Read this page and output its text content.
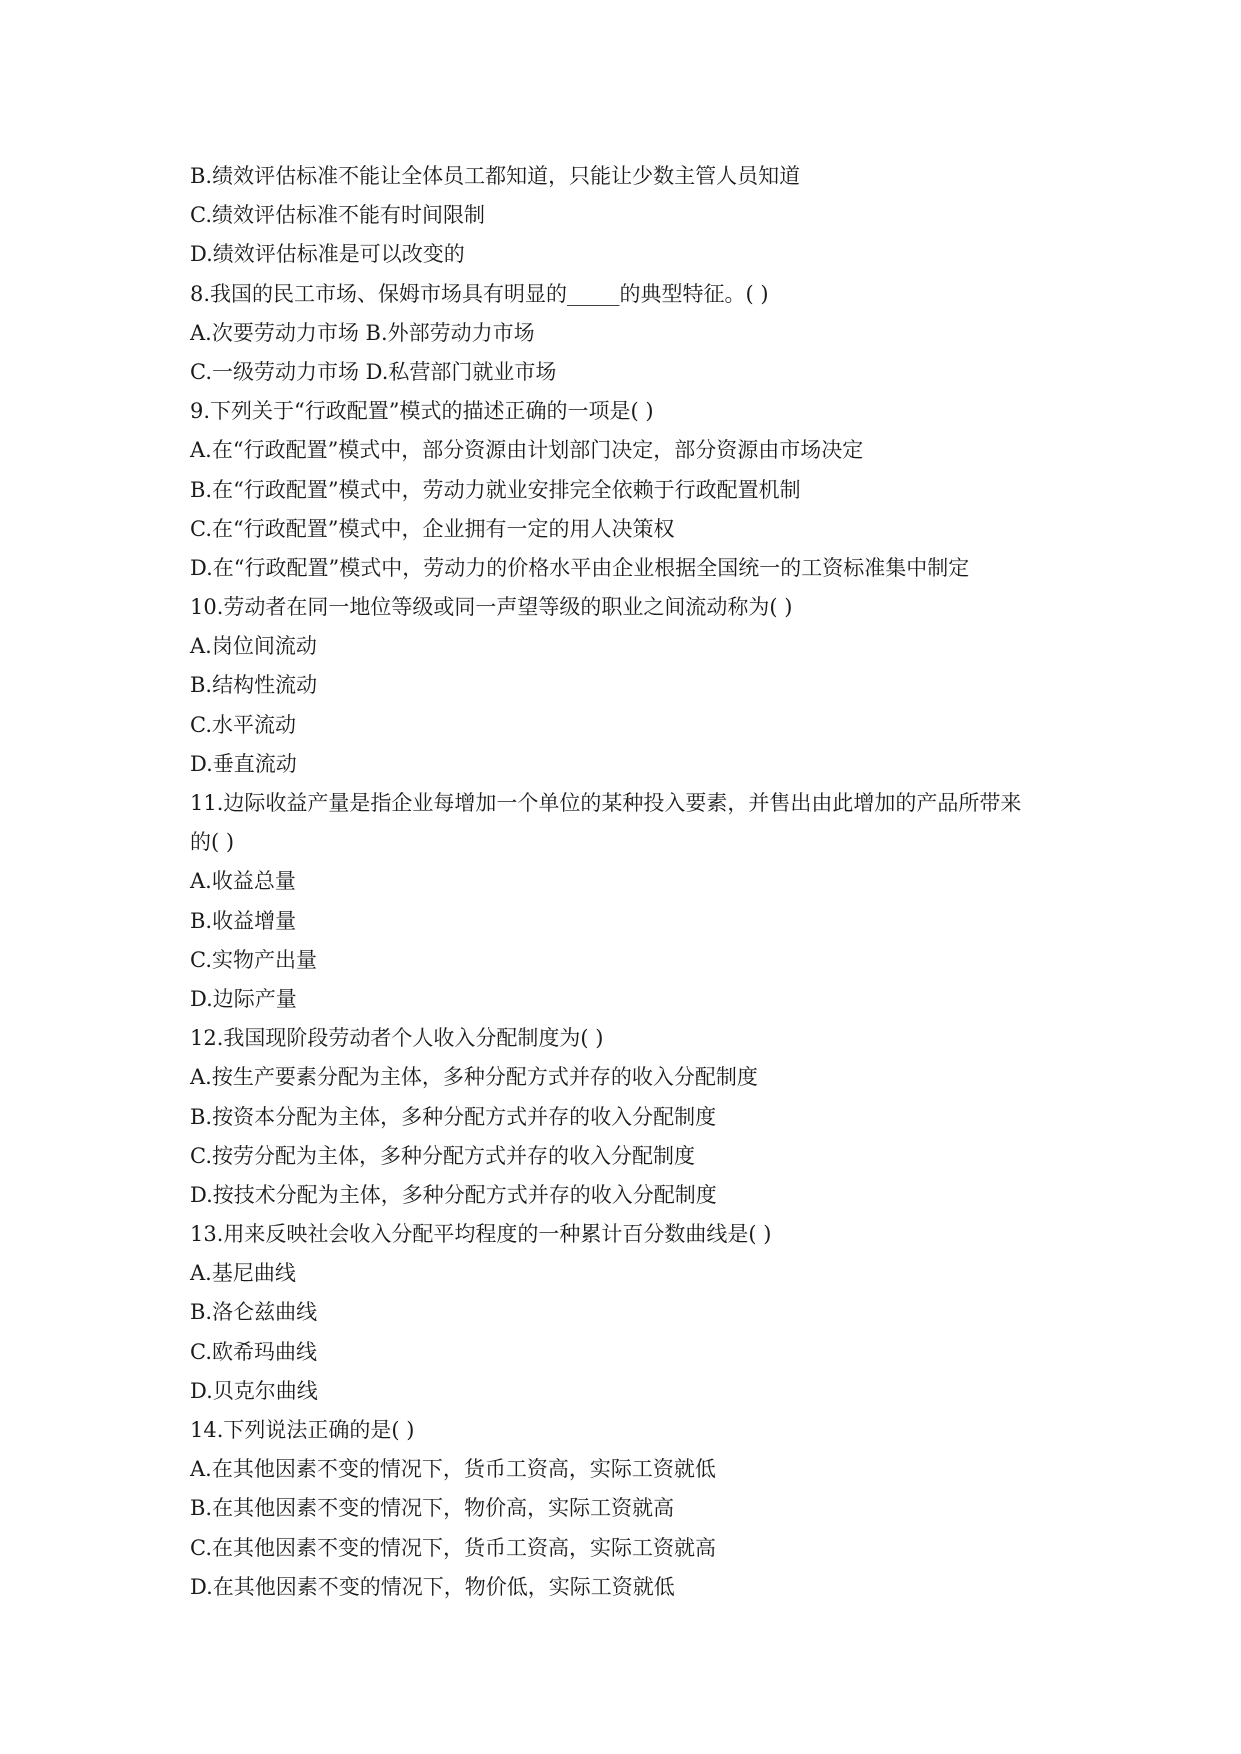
B.绩效评估标准不能让全体员工都知道，只能让少数主管人员知道

C.绩效评估标准不能有时间限制

D.绩效评估标准是可以改变的

8.我国的民工市场、保姆市场具有明显的_____的典型特征。( )

A.次要劳动力市场 B.外部劳动力市场

C.一级劳动力市场 D.私营部门就业市场

9.下列关于“行政配置”模式的描述正确的一项是( )

A.在“行政配置”模式中，部分资源由计划部门决定，部分资源由市场决定

B.在“行政配置”模式中，劳动力就业安排完全依赖于行政配置机制

C.在“行政配置”模式中，企业拥有一定的用人决策权

D.在“行政配置”模式中，劳动力的价格水平由企业根据全国统一的工资标准集中制定

10.劳动者在同一地位等级或同一声望等级的职业之间流动称为( )

A.岗位间流动

B.结构性流动

C.水平流动

D.垂直流动

11.边际收益产量是指企业每增加一个单位的某种投入要素，并售出由此增加的产品所带来

的( )

A.收益总量

B.收益增量

C.实物产出量

D.边际产量

12.我国现阶段劳动者个人收入分配制度为( )

A.按生产要素分配为主体，多种分配方式并存的收入分配制度

B.按资本分配为主体，多种分配方式并存的收入分配制度

C.按劳分配为主体，多种分配方式并存的收入分配制度

D.按技术分配为主体，多种分配方式并存的收入分配制度

13.用来反映社会收入分配平均程度的一种累计百分数曲线是( )

A.基尼曲线

B.洛仑兹曲线

C.欧希玛曲线

D.贝克尔曲线

14.下列说法正确的是( )

A.在其他因素不变的情况下，货币工资高，实际工资就低

B.在其他因素不变的情况下，物价高，实际工资就高

C.在其他因素不变的情况下，货币工资高，实际工资就高

D.在其他因素不变的情况下，物价低，实际工资就低
